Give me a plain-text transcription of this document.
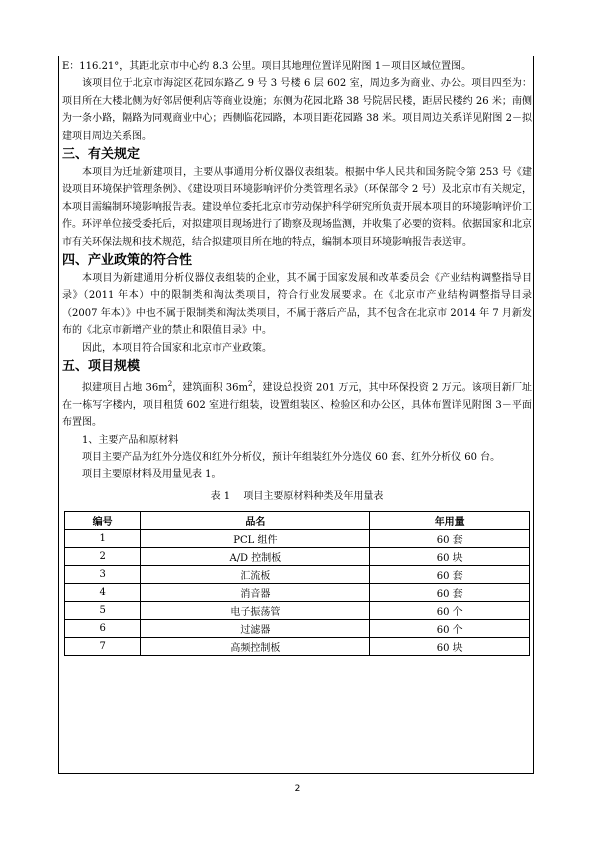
E：116.21°，其距北京市中心约 8.3 公里。项目其地理位置详见附图 1－项目区域位置图。

该项目位于北京市海淀区花园东路乙 9 号 3 号楼 6 层 602 室，周边多为商业、办公。项目四至为：项目所在大楼北侧为好邻居便利店等商业设施；东侧为花园北路 38 号院居民楼，距居民楼约 26 米；南侧为一条小路，隔路为同观商业中心；西侧临花园路，本项目距花园路 38 米。项目周边关系详见附图 2－拟建项目周边关系图。

三、有关规定

本项目为迁址新建项目，主要从事通用分析仪器仪表组装。根据中华人民共和国务院令第 253 号《建设项目环境保护管理条例》、《建设项目环境影响评价分类管理名录》（环保部令 2 号）及北京市有关规定，本项目需编制环境影响报告表。建设单位委托北京市劳动保护科学研究所负责开展本项目的环境影响评价工作。环评单位接受委托后，对拟建项目现场进行了勘察及现场监测，并收集了必要的资料。依据国家和北京市有关环保法规和技术规范，结合拟建项目所在地的特点，编制本项目环境影响报告表送审。

四、产业政策的符合性

本项目为新建通用分析仪器仪表组装的企业，其不属于国家发展和改革委员会《产业结构调整指导目录》（2011 年本）中的限制类和淘汰类项目，符合行业发展要求。在《北京市产业结构调整指导目录（2007 年本）》中也不属于限制类和淘汰类项目，不属于落后产品，其不包含在北京市 2014 年 7 月新发布的《北京市新增产业的禁止和限值目录》中。

因此，本项目符合国家和北京市产业政策。

五、项目规模

拟建项目占地 $36m^2$，建筑面积 $36m^2$，建设总投资 201 万元，其中环保投资 2 万元。该项目新厂址在一栋写字楼内，项目租赁 602 室进行组装，设置组装区、检验区和办公区，具体布置详见附图 3－平面布置图。

1、主要产品和原材料

项目主要产品为红外分选仪和红外分析仪，预计年组装红外分选仪 60 套、红外分析仪 60 台。

项目主要原材料及用量见表 1。

表 1　 项目主要原材料种类及年用量表

编号	品名	年用量
1	PCL 组件	60 套
2	A/D 控制板	60 块
3	汇流板	60 套
4	消音器	60 套
5	电子振荡管	60 个
6	过滤器	60 个
7	高频控制板	60 块
2
